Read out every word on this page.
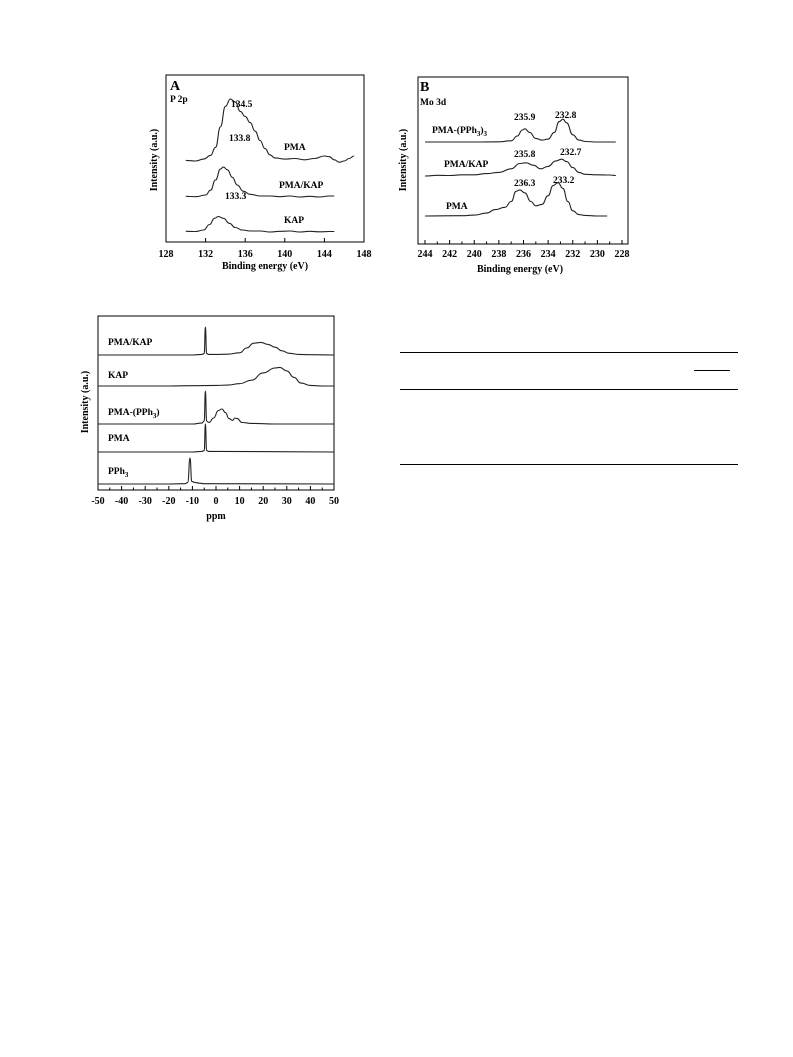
A
P 2p
128 132 136 140 144 148
PMA
134.5
PMA/KAP
133.8
KAP
133.3
Binding energy (eV)
Intensity (a.u.)
B
Mo 3d
244 242 240 238 236 234 232 230 228
PMA-$(PPh_3)_3$
235.9 232.8
PMA/KAP
235.8	232.7
PMA
236.3 233.2
Binding energy (eV)
Intensity (a.u.)
-50 -40 -30 -20 -10 0 10 20 30 40 50
PMA/KAP
KAP
PMA-(PPh$_3$)
PMA
PPh$_3$
ppm
Intensity (a.u.)
